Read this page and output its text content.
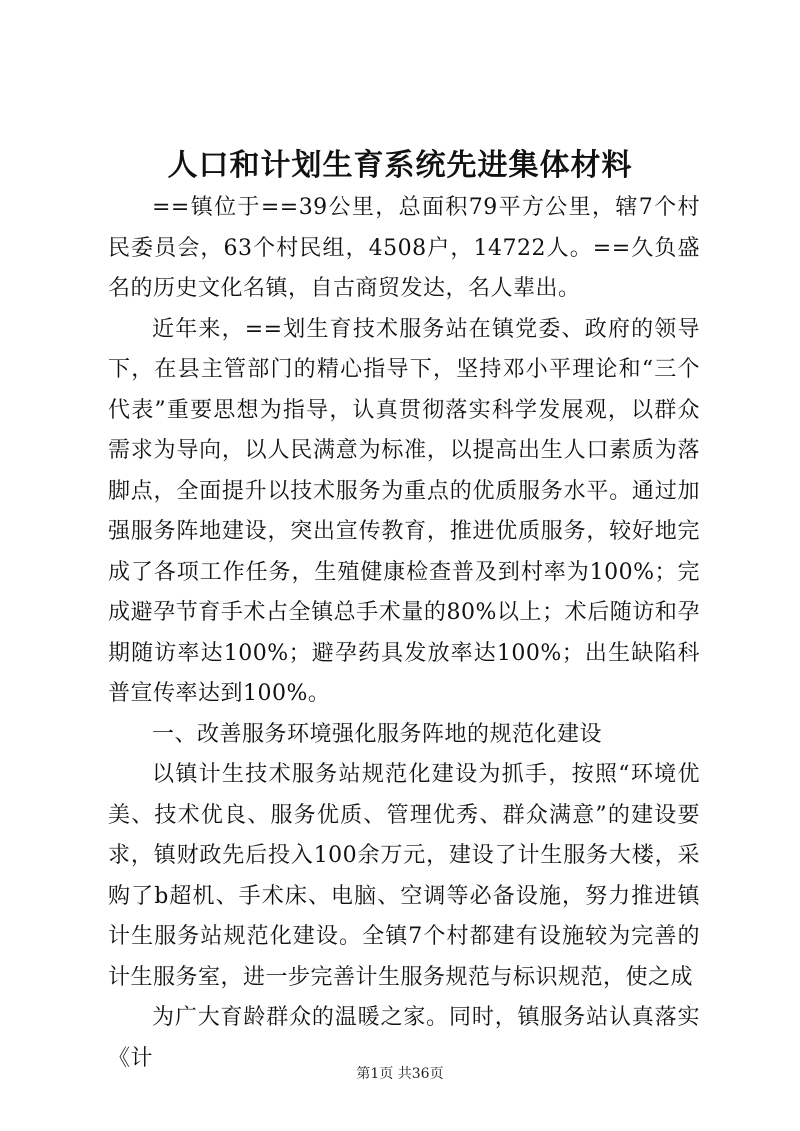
人口和计划生育系统先进集体材料

==镇位于==39公里，总面积79平方公里，辖7个村民委员会，63个村民组，4508户，14722人。==久负盛名的历史文化名镇，自古商贸发达，名人辈出。

近年来，==划生育技术服务站在镇党委、政府的领导下，在县主管部门的精心指导下，坚持邓小平理论和“三个代表”重要思想为指导，认真贯彻落实科学发展观，以群众需求为导向，以人民满意为标准，以提高出生人口素质为落脚点，全面提升以技术服务为重点的优质服务水平。通过加强服务阵地建设，突出宣传教育，推进优质服务，较好地完成了各项工作任务，生殖健康检查普及到村率为100%；完成避孕节育手术占全镇总手术量的80%以上；术后随访和孕期随访率达100%；避孕药具发放率达100%；出生缺陷科普宣传率达到100%。

一、改善服务环境强化服务阵地的规范化建设

以镇计生技术服务站规范化建设为抓手，按照“环境优美、技术优良、服务优质、管理优秀、群众满意”的建设要求，镇财政先后投入100余万元，建设了计生服务大楼，采购了b超机、手术床、电脑、空调等必备设施，努力推进镇计生服务站规范化建设。全镇7个村都建有设施较为完善的计生服务室，进一步完善计生服务规范与标识规范，使之成

为广大育龄群众的温暖之家。同时，镇服务站认真落实《计

第1页 共36页
